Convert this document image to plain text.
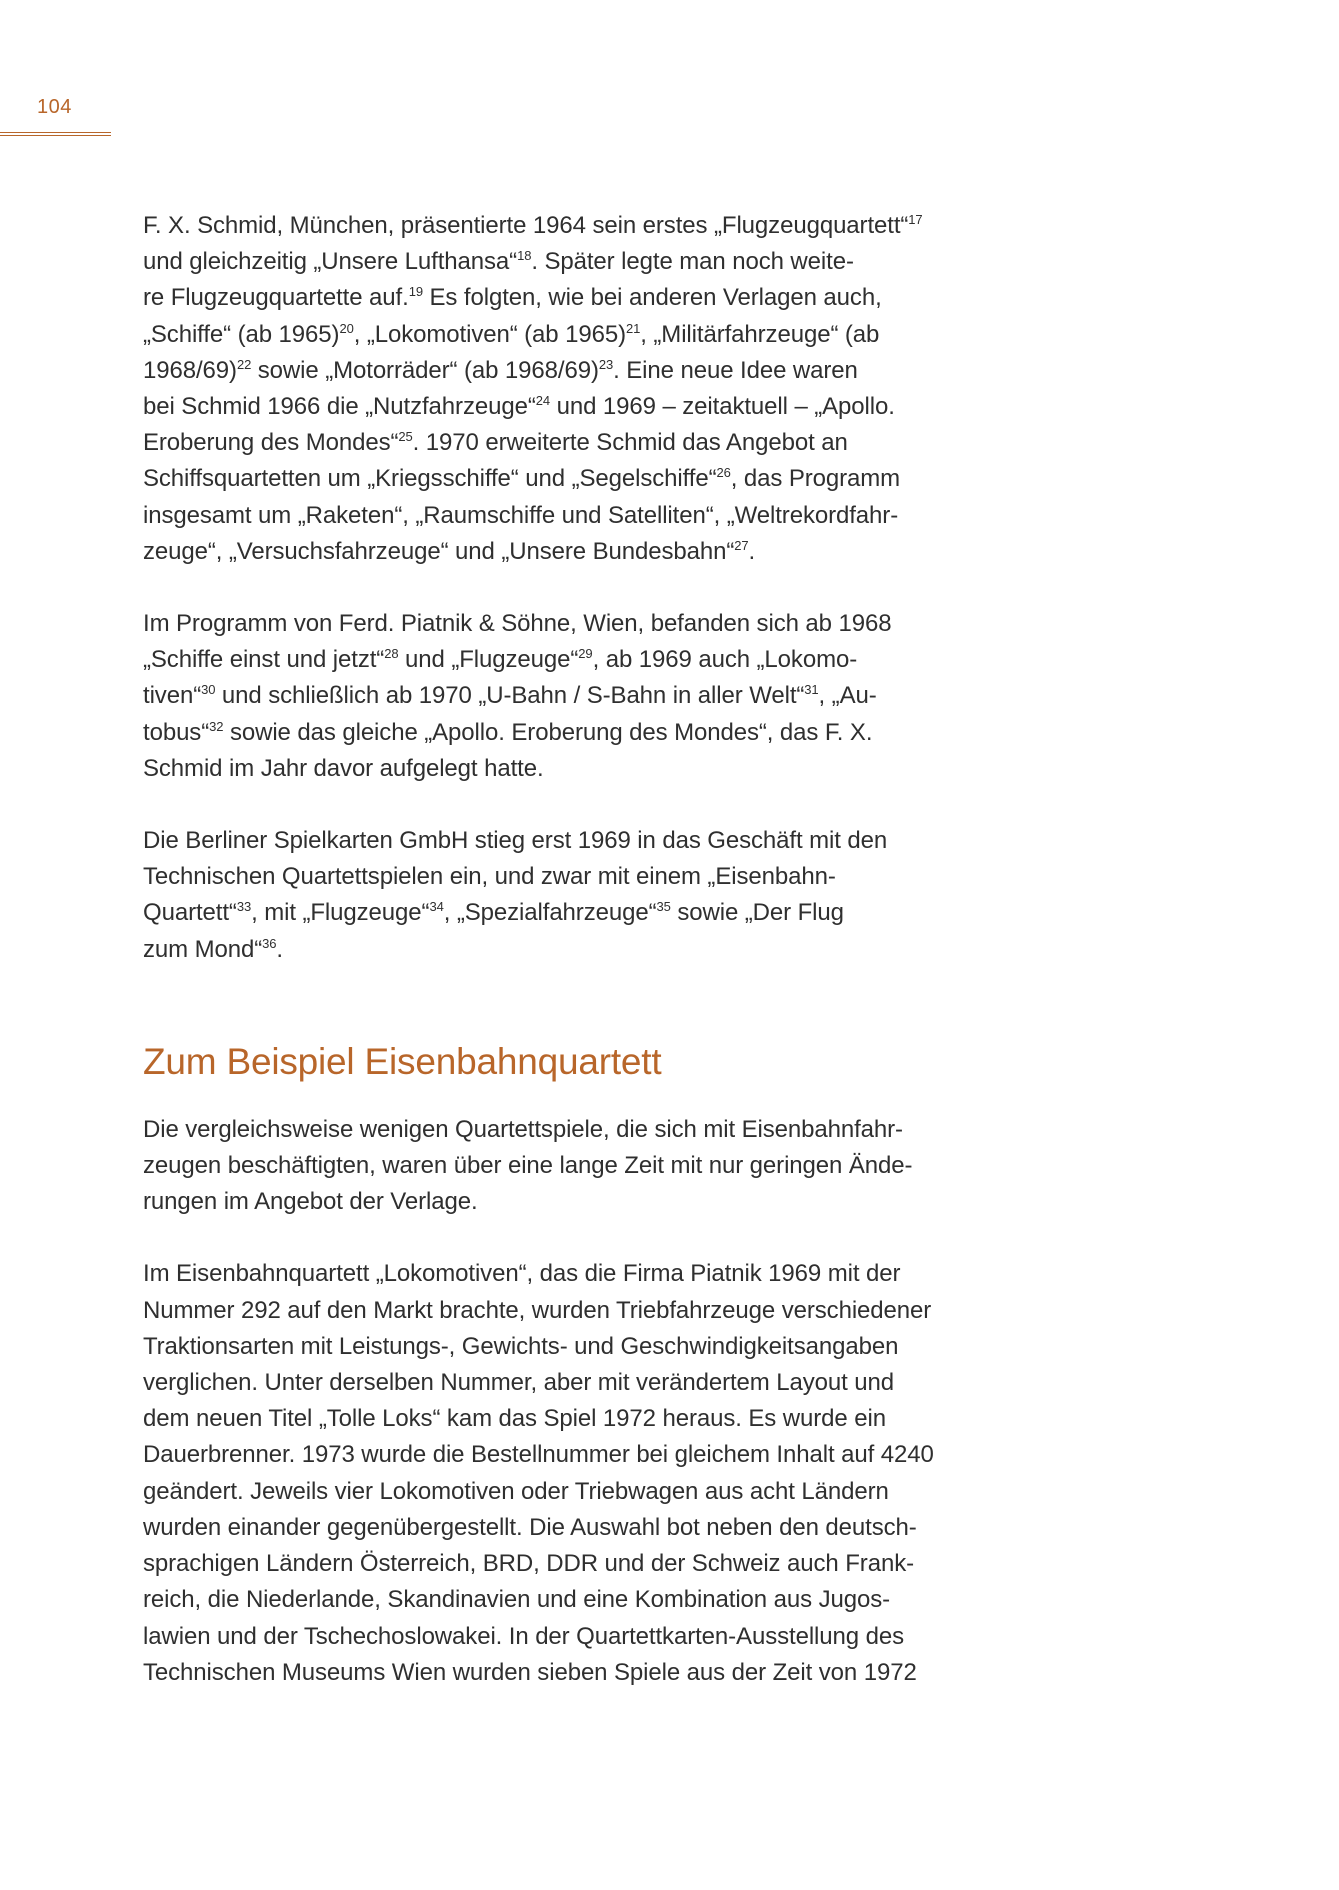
104

F. X. Schmid, München, präsentierte 1964 sein erstes „Flugzeugquartett“$^{17}$
und gleichzeitig „Unsere Lufthansa“$^{18}$. Später legte man noch weite-
re Flugzeugquartette auf.$^{19}$ Es folgten, wie bei anderen Verlagen auch,
„Schiffe“ (ab 1965)$^{20}$, „Lokomotiven“ (ab 1965)$^{21}$, „Militärfahrzeuge“ (ab
1968/69)$^{22}$ sowie „Motorräder“ (ab 1968/69)$^{23}$. Eine neue Idee waren
bei Schmid 1966 die „Nutzfahrzeuge“$^{24}$ und 1969 – zeitaktuell – „Apollo.
Eroberung des Mondes“$^{25}$. 1970 erweiterte Schmid das Angebot an
Schiffsquartetten um „Kriegsschiffe“ und „Segelschiffe“$^{26}$, das Programm
insgesamt um „Raketen“, „Raumschiffe und Satelliten“, „Weltrekordfahr-
zeuge“, „Versuchsfahrzeuge“ und „Unsere Bundesbahn“$^{27}$.

Im Programm von Ferd. Piatnik & Söhne, Wien, befanden sich ab 1968
„Schiffe einst und jetzt“$^{28}$ und „Flugzeuge“$^{29}$, ab 1969 auch „Lokomo-
tiven“$^{30}$ und schließlich ab 1970 „U-Bahn / S-Bahn in aller Welt“$^{31}$, „Au-
tobus“$^{32}$ sowie das gleiche „Apollo. Eroberung des Mondes“, das F. X.
Schmid im Jahr davor aufgelegt hatte.

Die Berliner Spielkarten GmbH stieg erst 1969 in das Geschäft mit den
Technischen Quartettspielen ein, und zwar mit einem „Eisenbahn-
Quartett“$^{33}$, mit „Flugzeuge“$^{34}$, „Spezialfahrzeuge“$^{35}$ sowie „Der Flug
zum Mond“$^{36}$.

Zum Beispiel Eisenbahnquartett

Die vergleichsweise wenigen Quartettspiele, die sich mit Eisenbahnfahr-
zeugen beschäftigten, waren über eine lange Zeit mit nur geringen Ände-
rungen im Angebot der Verlage.

Im Eisenbahnquartett „Lokomotiven“, das die Firma Piatnik 1969 mit der
Nummer 292 auf den Markt brachte, wurden Triebfahrzeuge verschiedener
Traktionsarten mit Leistungs-, Gewichts- und Geschwindigkeitsangaben
verglichen. Unter derselben Nummer, aber mit verändertem Layout und
dem neuen Titel „Tolle Loks“ kam das Spiel 1972 heraus. Es wurde ein
Dauerbrenner. 1973 wurde die Bestellnummer bei gleichem Inhalt auf 4240
geändert. Jeweils vier Lokomotiven oder Triebwagen aus acht Ländern
wurden einander gegenübergestellt. Die Auswahl bot neben den deutsch-
sprachigen Ländern Österreich, BRD, DDR und der Schweiz auch Frank-
reich, die Niederlande, Skandinavien und eine Kombination aus Jugos-
lawien und der Tschechoslowakei. In der Quartettkarten-Ausstellung des
Technischen Museums Wien wurden sieben Spiele aus der Zeit von 1972
